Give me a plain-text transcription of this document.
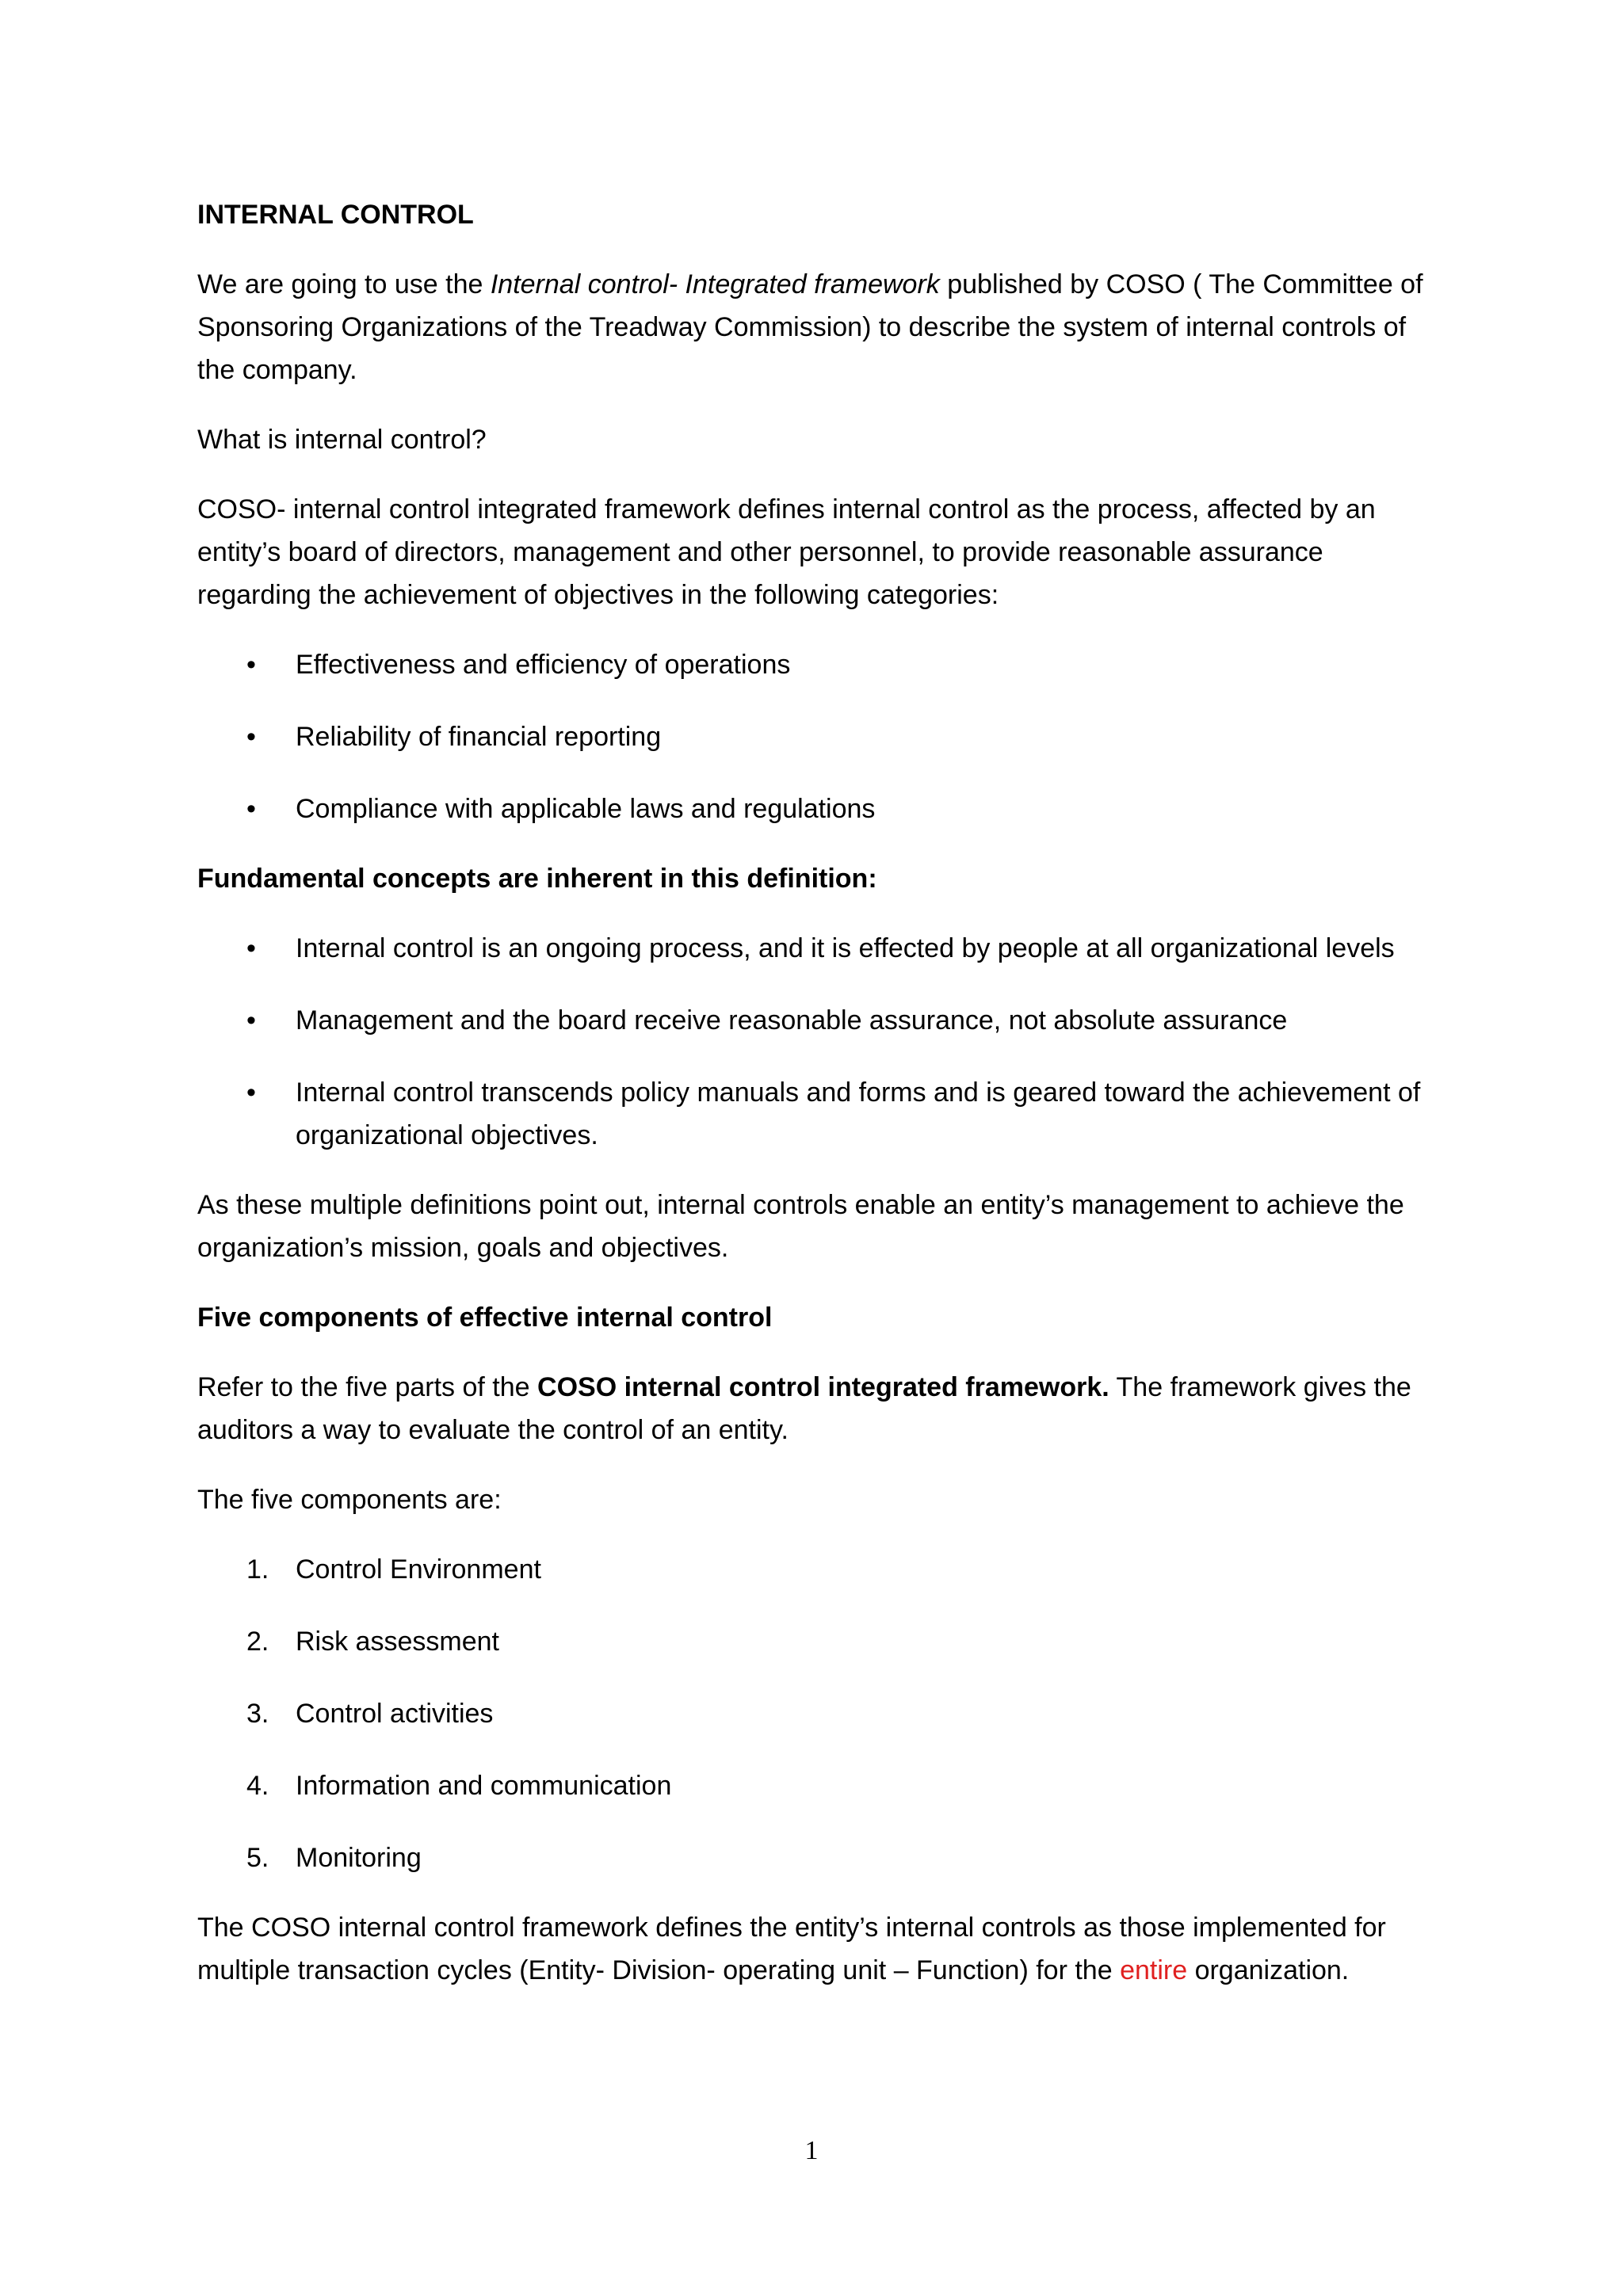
INTERNAL CONTROL

We are going to use the Internal control- Integrated framework published by COSO ( The Committee of Sponsoring Organizations of the Treadway Commission) to describe the system of internal controls of the company.

What is internal control?

COSO- internal control integrated framework defines internal control as the process, affected by an entity’s board of directors, management and other personnel, to provide reasonable assurance regarding the achievement of objectives in the following categories:

• Effectiveness and efficiency of operations
• Reliability of financial reporting
• Compliance with applicable laws and regulations

Fundamental concepts are inherent in this definition:

• Internal control is an ongoing process, and it is effected by people at all organizational levels
• Management and the board receive reasonable assurance, not absolute assurance
• Internal control transcends policy manuals and forms and is geared toward the achievement of organizational objectives.

As these multiple definitions point out, internal controls enable an entity’s management to achieve the organization’s mission, goals and objectives.

Five components of effective internal control

Refer to the five parts of the COSO internal control integrated framework. The framework gives the auditors a way to evaluate the control of an entity.

The five components are:

1. Control Environment
2. Risk assessment
3. Control activities
4. Information and communication
5. Monitoring

The COSO internal control framework defines the entity’s internal controls as those implemented for multiple transaction cycles (Entity- Division- operating unit – Function) for the entire organization.

1
